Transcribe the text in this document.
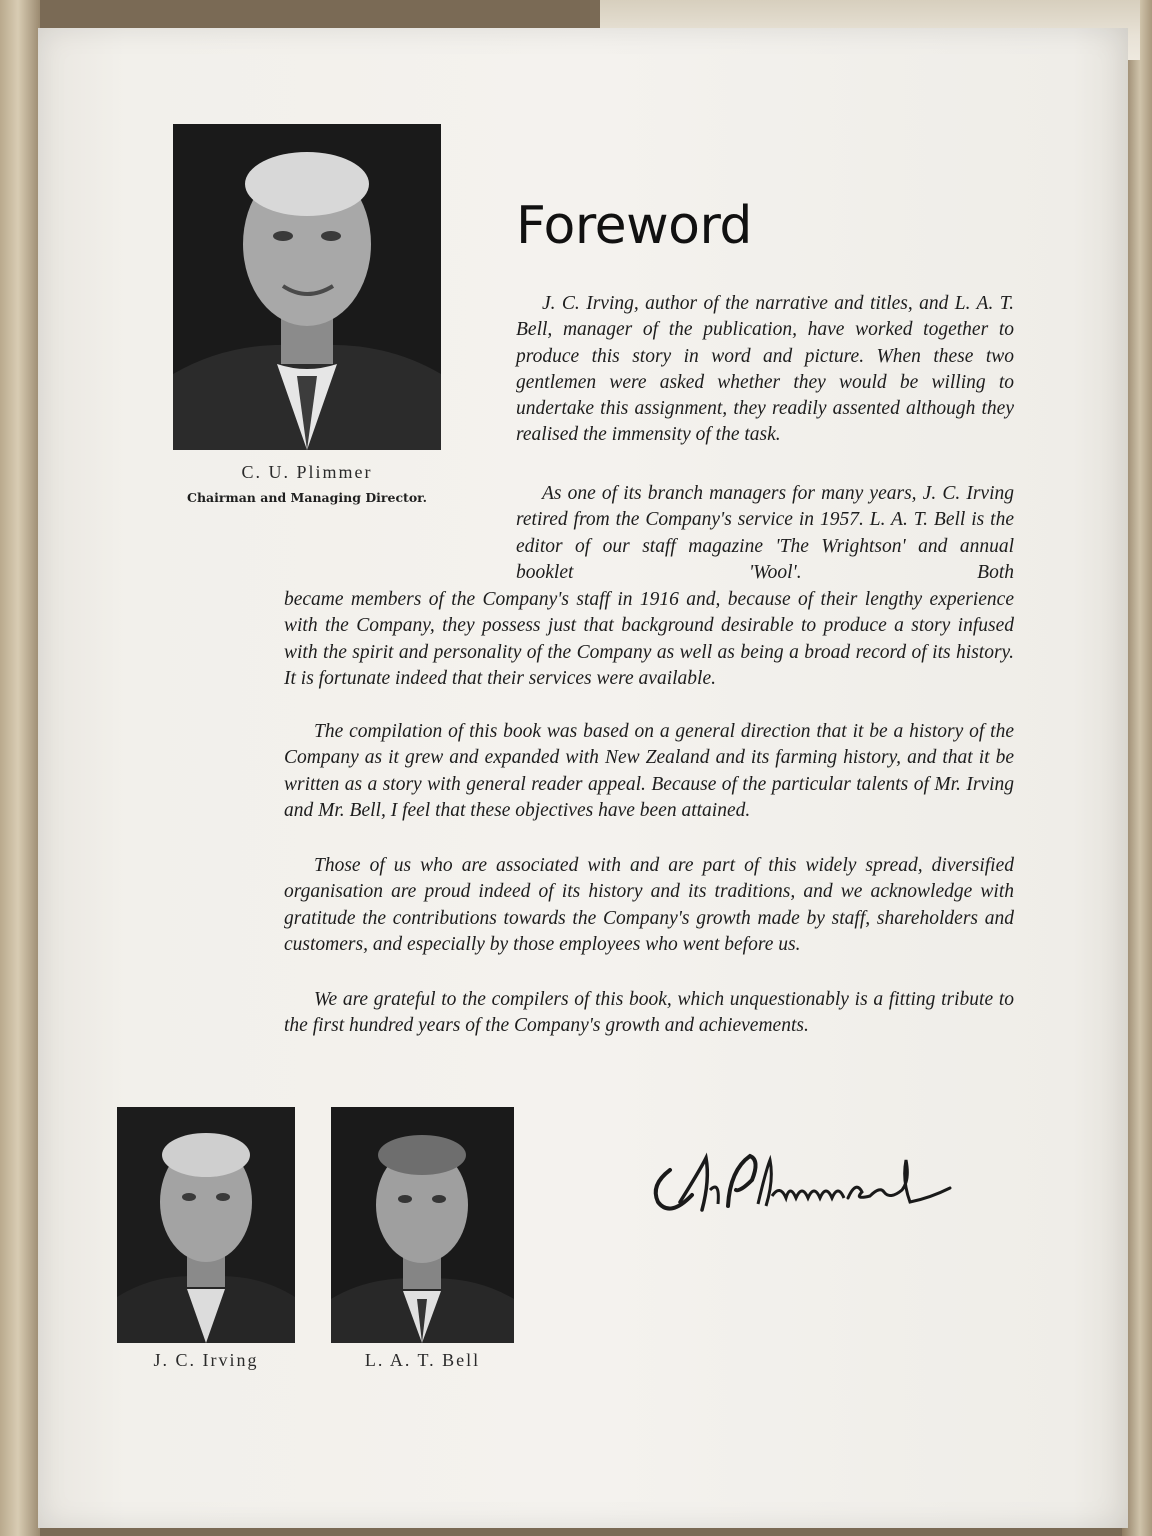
C. U. Plimmer
Chairman and Managing Director.
Foreword

J. C. Irving, author of the narrative and titles, and L. A. T. Bell, manager of the publication, have worked together to produce this story in word and picture. When these two gentlemen were asked whether they would be willing to undertake this assignment, they readily assented although they realised the immensity of the task.

As one of its branch managers for many years, J. C. Irving retired from the Company's service in 1957. L. A. T. Bell is the editor of our staff magazine 'The Wrightson' and annual booklet 'Wool'. Both

became members of the Company's staff in 1916 and, because of their lengthy experience with the Company, they possess just that background desirable to produce a story infused with the spirit and personality of the Company as well as being a broad record of its history. It is fortunate indeed that their services were available.

The compilation of this book was based on a general direction that it be a history of the Company as it grew and expanded with New Zealand and its farming history, and that it be written as a story with general reader appeal. Because of the particular talents of Mr. Irving and Mr. Bell, I feel that these objectives have been attained.

Those of us who are associated with and are part of this widely spread, diversified organisation are proud indeed of its history and its traditions, and we acknowledge with gratitude the contributions towards the Company's growth made by staff, shareholders and customers, and especially by those employees who went before us.

We are grateful to the compilers of this book, which unquestionably is a fitting tribute to the first hundred years of the Company's growth and achievements.

J. C. Irving	L. A. T. Bell
